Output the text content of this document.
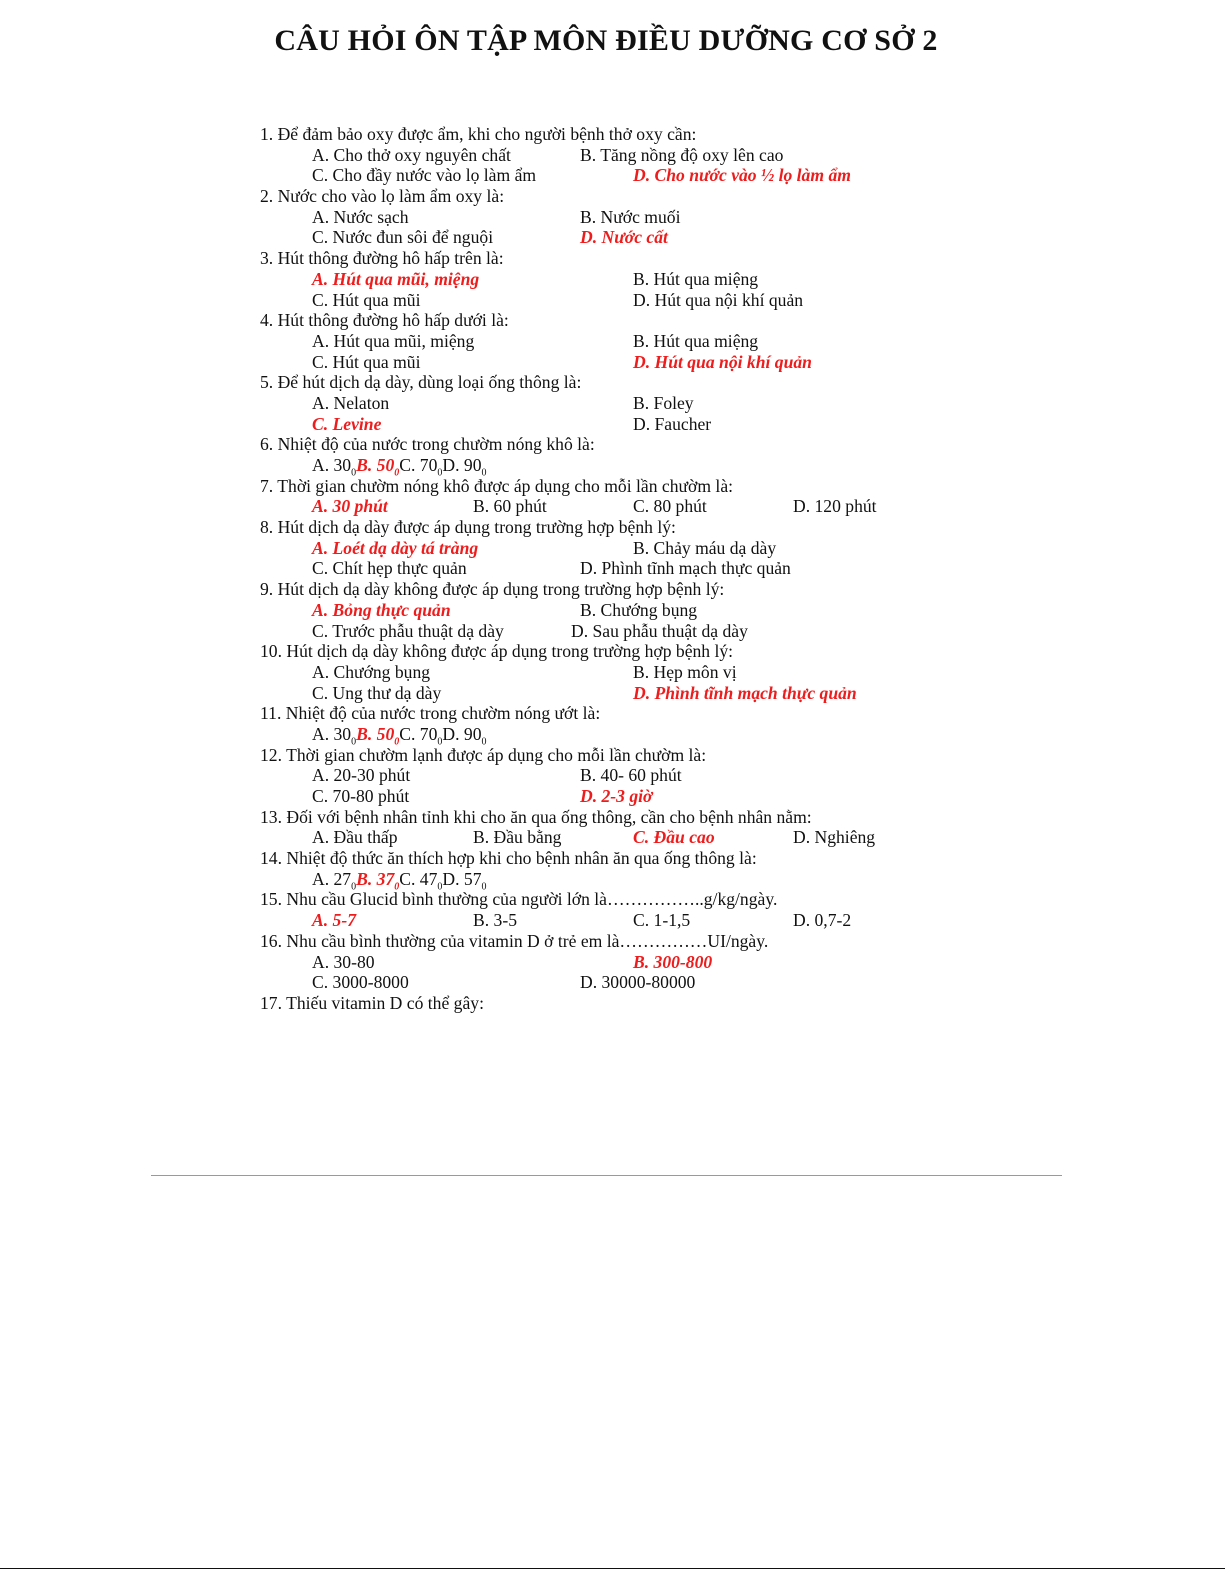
CÂU HỎI ÔN TẬP MÔN ĐIỀU DƯỠNG CƠ SỞ 2
1. Để đảm bảo oxy được ẩm, khi cho người bệnh thở oxy cần:
A. Cho thở oxy nguyên chất	B. Tăng nồng độ oxy lên cao
C. Cho đầy nước vào lọ làm ẩm	D. Cho nước vào ½ lọ làm ẩm
2. Nước cho vào lọ làm ẩm oxy là:
A. Nước sạch	B. Nước muối
C. Nước đun sôi để nguội	D. Nước cất
3. Hút thông đường hô hấp trên là:
A. Hút qua mũi, miệng	B. Hút qua miệng
C. Hút qua mũi	D. Hút qua nội khí quản
4. Hút thông đường hô hấp dưới là:
A. Hút qua mũi, miệng	B. Hút qua miệng
C. Hút qua mũi	D. Hút qua nội khí quản
5. Để hút dịch dạ dày, dùng loại ống thông là:
A. Nelaton	B. Foley
C. Levine	D. Faucher
6. Nhiệt độ của nước trong chườm nóng khô là:
A. $30_0B$. $50_0C$. $70_0D$. $90_0$
7. Thời gian chườm nóng khô được áp dụng cho mỗi lần chườm là:
A. 30 phút	B. 60 phút	C. 80 phút	D. 120 phút
8. Hút dịch dạ dày được áp dụng trong trường hợp bệnh lý:
A. Loét dạ dày tá tràng	B. Chảy máu dạ dày
C. Chít hẹp thực quản	D. Phình tĩnh mạch thực quản
9. Hút dịch dạ dày không được áp dụng trong trường hợp bệnh lý:
A. Bỏng thực quản	B. Chướng bụng
C. Trước phẫu thuật dạ dày	D. Sau phẫu thuật dạ dày
10. Hút dịch dạ dày không được áp dụng trong trường hợp bệnh lý:
A. Chướng bụng	B. Hẹp môn vị
C. Ung thư dạ dày	D. Phình tĩnh mạch thực quản
11. Nhiệt độ của nước trong chườm nóng ướt là:
A. $30_0B$. $50_0C$. $70_0D$. $90_0$
12. Thời gian chườm lạnh được áp dụng cho mỗi lần chườm là:
A. 20-30 phút	B. 40- 60 phút
C. 70-80 phút	D. 2-3 giờ
13. Đối với bệnh nhân tỉnh khi cho ăn qua ống thông, cần cho bệnh nhân nằm:
A. Đầu thấp	B. Đầu bằng	C. Đầu cao	D. Nghiêng
14. Nhiệt độ thức ăn thích hợp khi cho bệnh nhân ăn qua ống thông là:
A. $27_0B$. $37_0C$. $47_0D$. $57_0$
15. Nhu cầu Glucid bình thường của người lớn là……………..g/kg/ngày.
A. 5-7	B. 3-5	C. 1-1,5	D. 0,7-2
16. Nhu cầu bình thường của vitamin D ở trẻ em là……………UI/ngày.
A. 30-80	B. 300-800
C. 3000-8000	D. 30000-80000
17. Thiếu vitamin D có thể gây:
